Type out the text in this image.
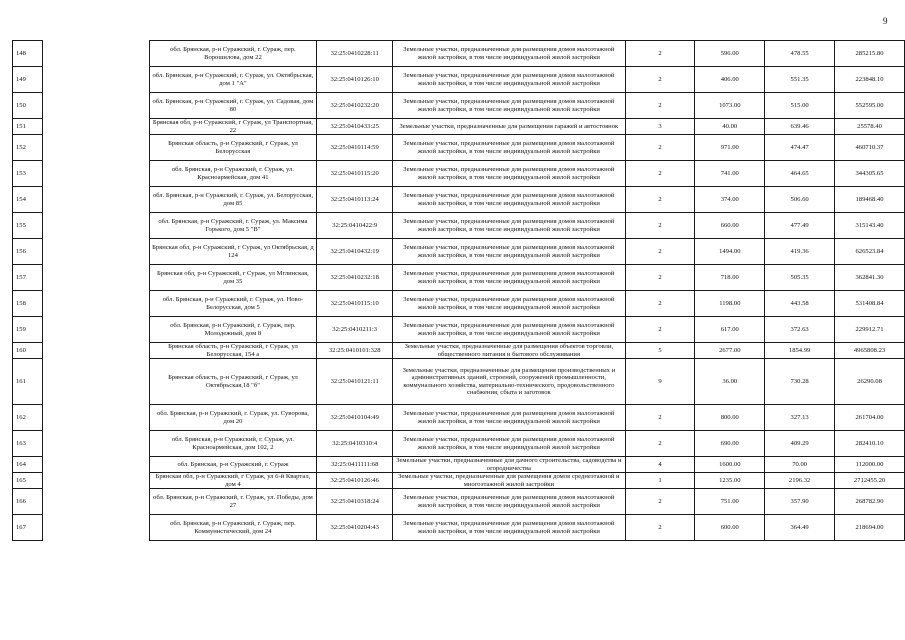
9
148		обл. Брянская, р-н Суражский, г. Сураж, пер. Ворошилова, дом 22	32:25:0410228:11	Земельные участки, предназначенные для размещения домов малоэтажной жилой застройки, в том числе индивидуальной жилой застройки	2	596.00	478.55	285215.80
149		обл. Брянская, р-н Суражский, г. Сураж, ул. Октябрьская, дом 1 "А"	32:25:0410126:10	Земельные участки, предназначенные для размещения домов малоэтажной жилой застройки, в том числе индивидуальной жилой застройки	2	406.00	551.35	223848.10
150		обл. Брянская, р-н Суражский, г. Сураж, ул. Садовая, дом 80	32:25:0410232:20	Земельные участки, предназначенные для размещения домов малоэтажной жилой застройки, в том числе индивидуальной жилой застройки	2	1073.00	515.00	552595.00
151		Брянская обл, р-н Суражский, г Сураж, ул Транспортная, 22	32:25:0410433:25	Земельные участки, предназначенные для размещения гаражей и автостоянок	3	40.00	639.46	25578.40
152		Брянская область, р-н Суражский, г Сураж, ул Белорусская	32:25:0410114:59	Земельные участки, предназначенные для размещения домов малоэтажной жилой застройки, в том числе индивидуальной жилой застройки	2	971.00	474.47	460710.37
153		обл. Брянская, р-н Суражский, г. Сураж, ул. Красноармейская, дом 41	32:25:0410115:20	Земельные участки, предназначенные для размещения домов малоэтажной жилой застройки, в том числе индивидуальной жилой застройки	2	741.00	464.65	344305.65
154		обл. Брянская, р-н Суражский, г. Сураж, ул. Белорусская, дом 85	32:25:0410113:24	Земельные участки, предназначенные для размещения домов малоэтажной жилой застройки, в том числе индивидуальной жилой застройки	2	374.00	506.60	189468.40
155		обл. Брянская, р-н Суражский, г. Сураж, ул. Максима Горького, дом 5 "В"	32:25:0410422:9	Земельные участки, предназначенные для размещения домов малоэтажной жилой застройки, в том числе индивидуальной жилой застройки	2	660.00	477.49	315143.40
156		Брянская обл, р-н Суражский, г Сураж, ул Октябрьская, д 124	32:25:0410432:19	Земельные участки, предназначенные для размещения домов малоэтажной жилой застройки, в том числе индивидуальной жилой застройки	2	1494.00	419.36	626523.84
157		Брянская обл, р-н Суражский, г Сураж, ул Мглинская, дом 35	32:25:0410232:18	Земельные участки, предназначенные для размещения домов малоэтажной жилой застройки, в том числе индивидуальной жилой застройки	2	718.00	505.35	362841.30
158		обл. Брянская, р-н Суражский, г. Сураж, ул. Ново-Белорусская, дом 5	32:25:0410115:10	Земельные участки, предназначенные для размещения домов малоэтажной жилой застройки, в том числе индивидуальной жилой застройки	2	1198.00	443.58	531408.84
159		обл. Брянская, р-н Суражский, г. Сураж, пер. Молодежный, дом 8	32:25:0410211:3	Земельные участки, предназначенные для размещения домов малоэтажной жилой застройки, в том числе индивидуальной жилой застройки	2	617.00	372.63	229912.71
160		Брянская область, р-н Суражский, г Сураж, ул Белорусская, 154 а	32:25:0410101:328	Земельные участки, предназначенные для размещения объектов торговли, общественного питания и бытового обслуживания	5	2677.00	1854.99	4965808.23
161		Брянская область, р-н Суражский, г Сураж, ул Октябрьская,18 "б"	32:25:0410121:11	Земельные участки, предназначенные для размещения производственных и административных зданий, строений, сооружений промышленности, коммунального хозяйства, материально-технического, продовольственного снабжения, сбыта и заготовок	9	36.00	730.28	26290.08
162		обл. Брянская, р-н Суражский, г. Сураж, ул. Суворова, дом 20	32:25:0410104:49	Земельные участки, предназначенные для размещения домов малоэтажной жилой застройки, в том числе индивидуальной жилой застройки	2	800.00	327.13	261704.00
163		обл. Брянская, р-н Суражский, г. Сураж, ул. Красноармейская, дом 102, 2	32:25:0410310:4	Земельные участки, предназначенные для размещения домов малоэтажной жилой застройки, в том числе индивидуальной жилой застройки	2	690.00	409.29	282410.10
164		обл. Брянская, р-н Суражский, г. Сураж	32:25:0411111:68	Земельные участки, предназначенные для дачного строительства, садоводства и огородничества	4	1600.00	70.00	112000.00
165		Брянская обл, р-н Суражский, г Сураж, ул 6-й Квартал, дом 4	32:25:0410126:46	Земельные участки, предназначенные для размещения домов среднеэтажной и многоэтажной жилой застройки	1	1235.00	2196.32	2712455.20
166		обл. Брянская, р-н Суражский, г. Сураж, ул. Победы, дом 27	32:25:0410318:24	Земельные участки, предназначенные для размещения домов малоэтажной жилой застройки, в том числе индивидуальной жилой застройки	2	751.00	357.90	268782.90
167		обл. Брянская, р-н Суражский, г. Сураж, пер. Коммунистический, дом 24	32:25:0410204:43	Земельные участки, предназначенные для размещения домов малоэтажной жилой застройки, в том числе индивидуальной жилой застройки	2	600.00	364.49	218694.00
